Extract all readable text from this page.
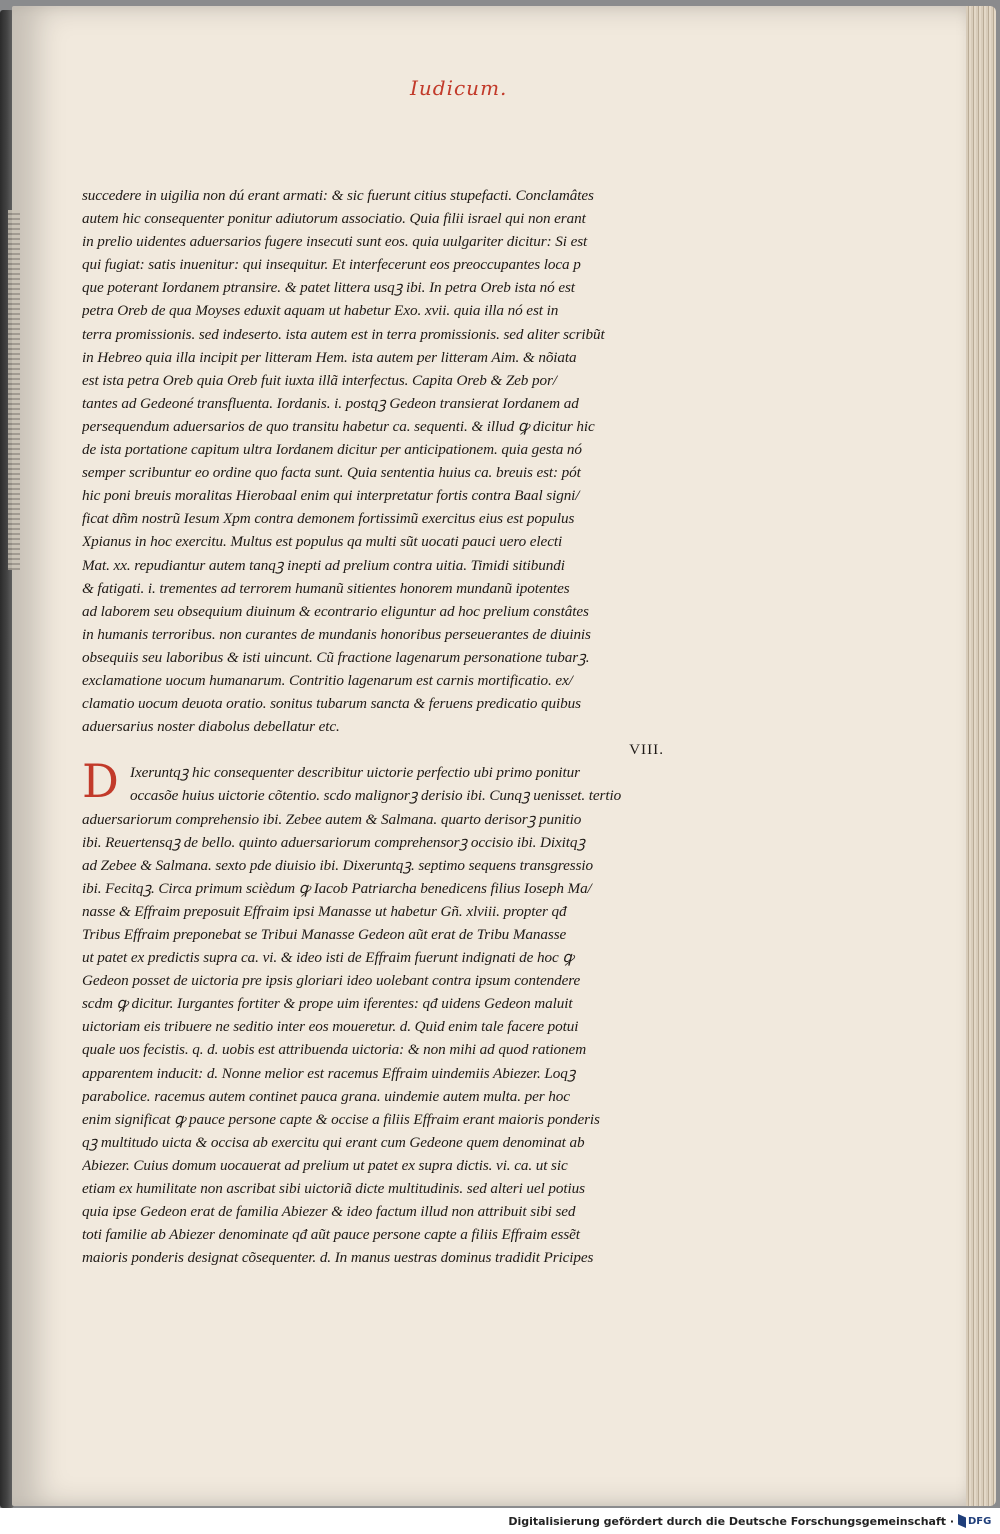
Iudicum.
succedere in uigilia non dú erant armati: & sic fuerunt citius stupefacti. Conclamâtes
autem hic consequenter ponitur adiutorum associatio. Quia filii israel qui non erant
in prelio uidentes aduersarios fugere insecuti sunt eos. quia uulgariter dicitur: Si est
qui fugiat: satis inuenitur: qui insequitur. Et interfecerunt eos preoccupantes loca p
que poterant Iordanem ptransire. & patet littera usqꝫ ibi. In petra Oreb ista nó est
petra Oreb de qua Moyses eduxit aquam ut habetur Exo. xvii. quia illa nó est in
terra promissionis. sed indeserto. ista autem est in terra promissionis. sed aliter scribũt
in Hebreo quia illa incipit per litteram Hem. ista autem per litteram Aim. & nõiata
est ista petra Oreb quia Oreb fuit iuxta illã interfectus. Capita Oreb & Zeb por/
tantes ad Gedeoné transfluenta. Iordanis. i. postqꝫ Gedeon transierat Iordanem ad
persequendum aduersarios de quo transitu habetur ca. sequenti. & illud ꝙ dicitur hic
de ista portatione capitum ultra Iordanem dicitur per anticipationem. quia gesta nó
semper scribuntur eo ordine quo facta sunt. Quia sententia huius ca. breuis est: pót
hic poni breuis moralitas Hierobaal enim qui interpretatur fortis contra Baal signi/
ficat dñm nostrũ Iesum Xpm contra demonem fortissimũ exercitus eius est populus
Xpianus in hoc exercitu. Multus est populus qa multi sũt uocati pauci uero electi
Mat. xx. repudiantur autem tanqꝫ inepti ad prelium contra uitia. Timidi sitibundi
& fatigati. i. trementes ad terrorem humanũ sitientes honorem mundanũ ipotentes
ad laborem seu obsequium diuinum & econtrario eliguntur ad hoc prelium constâtes
in humanis terroribus. non curantes de mundanis honoribus perseuerantes de diuinis
obsequiis seu laboribus & isti uincunt. Cũ fractione lagenarum personatione tubarꝫ.
exclamatione uocum humanarum. Contritio lagenarum est carnis mortificatio. ex/
clamatio uocum deuota oratio. sonitus tubarum sancta & feruens predicatio quibus
aduersarius noster diabolus debellatur etc.
VIII.
D Ixeruntqꝫ hic consequenter describitur uictorie perfectio ubi primo ponitur
occasõe huius uictorie cõtentio. scdo malignorꝫ derisio ibi. Cunqꝫ uenisset. tertio
aduersariorum comprehensio ibi. Zebee autem & Salmana. quarto derisorꝫ punitio
ibi. Reuertensqꝫ de bello. quinto aduersariorum comprehensorꝫ occisio ibi. Dixitqꝫ
ad Zebee & Salmana. sexto pde diuisio ibi. Dixeruntqꝫ. septimo sequens transgressio
ibi. Fecitqꝫ. Circa primum scièdum ꝙ Iacob Patriarcha benedicens filius Ioseph Ma/
nasse & Effraim preposuit Effraim ipsi Manasse ut habetur Gñ. xlviii. propter qđ
Tribus Effraim preponebat se Tribui Manasse Gedeon aũt erat de Tribu Manasse
ut patet ex predictis supra ca. vi. & ideo isti de Effraim fuerunt indignati de hoc ꝙ
Gedeon posset de uictoria pre ipsis gloriari ideo uolebant contra ipsum contendere
scdm ꝙ dicitur. Iurgantes fortiter & prope uim iferentes: qđ uidens Gedeon maluit
uictoriam eis tribuere ne seditio inter eos moueretur. d. Quid enim tale facere potui
quale uos fecistis. q. d. uobis est attribuenda uictoria: & non mihi ad quod rationem
apparentem inducit: d. Nonne melior est racemus Effraim uindemiis Abiezer. Loqꝫ
parabolice. racemus autem continet pauca grana. uindemie autem multa. per hoc
enim significat ꝙ pauce persone capte & occise a filiis Effraim erant maioris ponderis
qꝫ multitudo uicta & occisa ab exercitu qui erant cum Gedeone quem denominat ab
Abiezer. Cuius domum uocauerat ad prelium ut patet ex supra dictis. vi. ca. ut sic
etiam ex humilitate non ascribat sibi uictoriã dicte multitudinis. sed alteri uel potius
quia ipse Gedeon erat de familia Abiezer & ideo factum illud non attribuit sibi sed
toti familie ab Abiezer denominate qđ aũt pauce persone capte a filiis Effraim essẽt
maioris ponderis designat cõsequenter. d. In manus uestras dominus tradidit Pricipes
Digitalisierung gefördert durch die Deutsche Forschungsgemeinschaft · DFG
